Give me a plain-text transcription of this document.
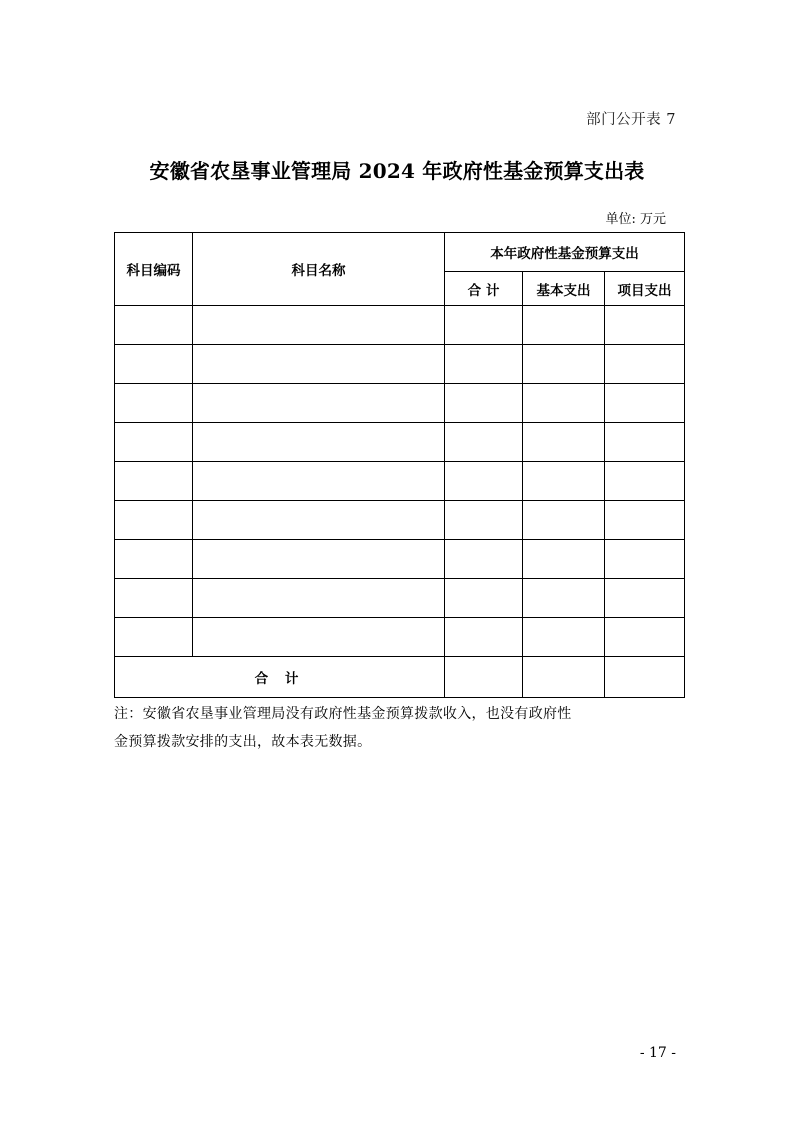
部门公开表 7
安徽省农垦事业管理局 2024 年政府性基金预算支出表
单位: 万元
科目编码	科目名称	本年政府性基金预算支出		
		合 计	基本支出	项目支出

合 计				
注：安徽省农垦事业管理局没有政府性基金预算拨款收入，也没有政府性
金预算拨款安排的支出，故本表无数据。
- 17 -
